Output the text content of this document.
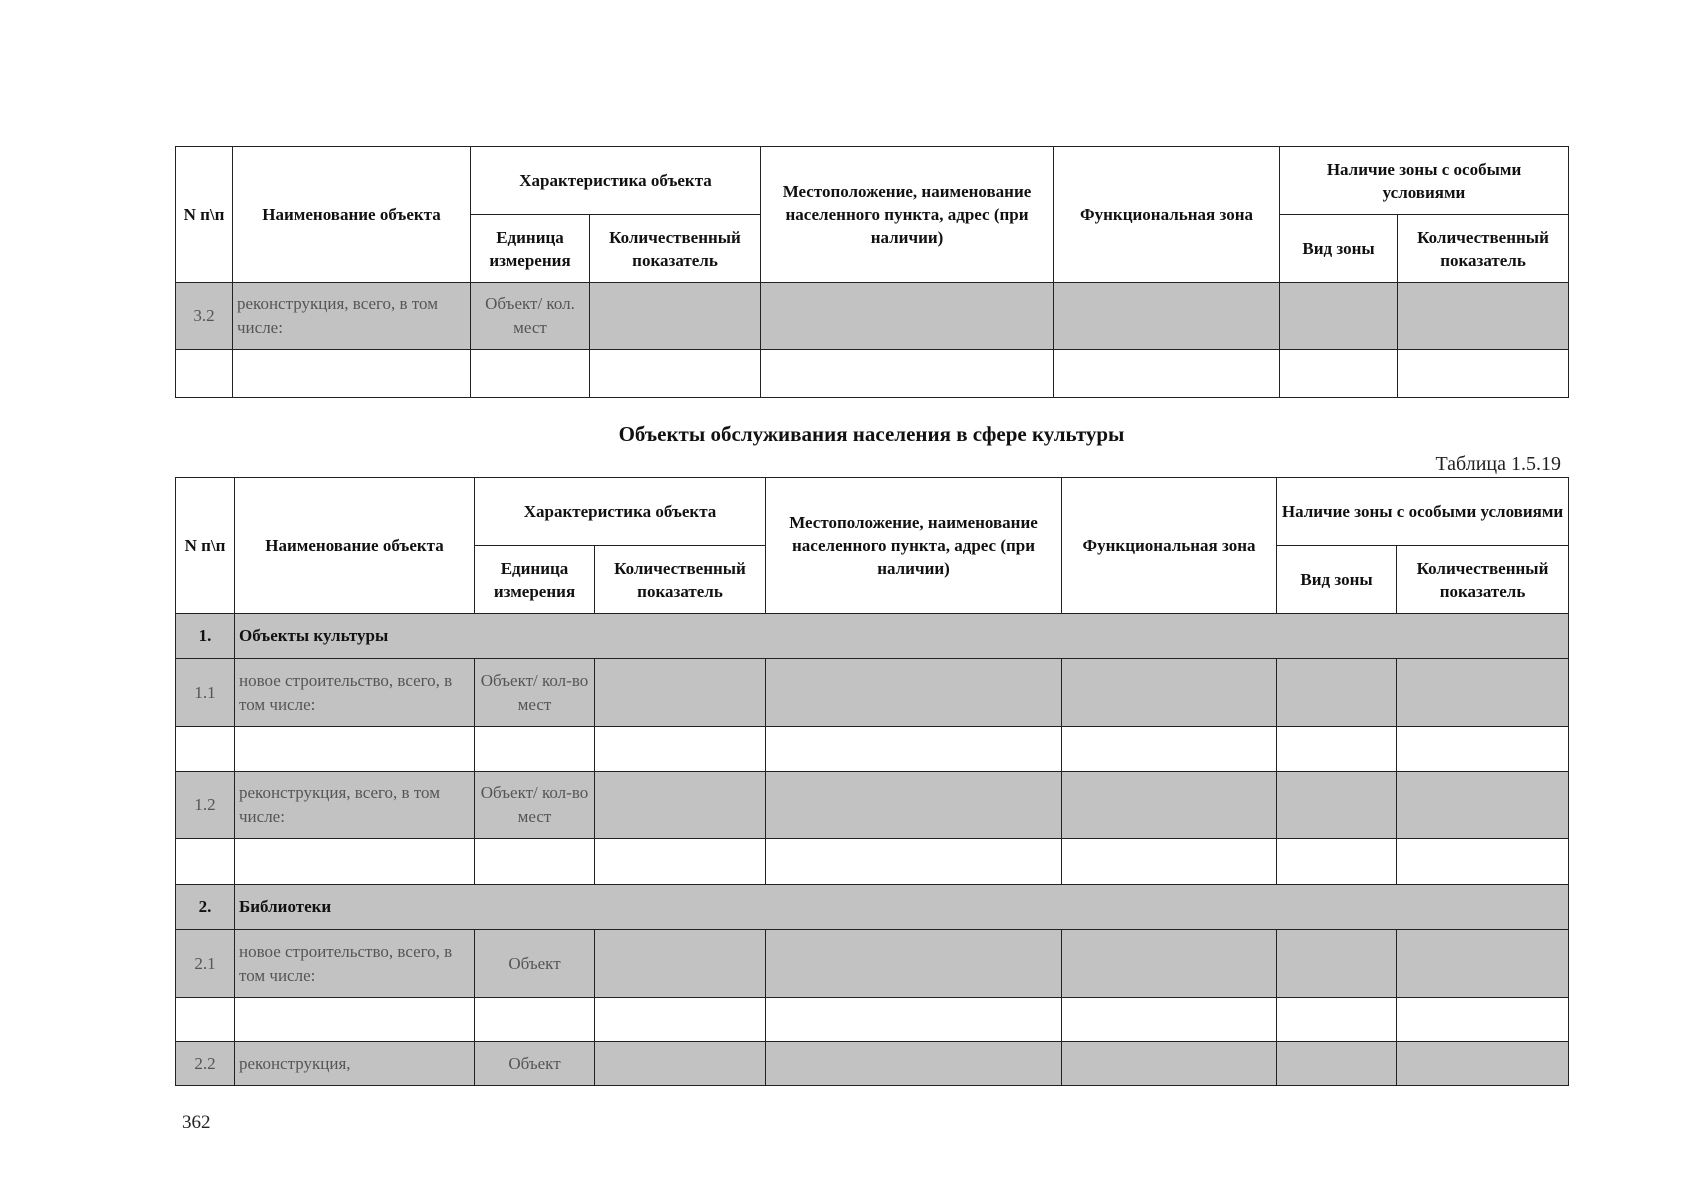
N п\п	Наименование объекта	Характеристика объекта		Местоположение, наименование населенного пункта, адрес (при наличии)	Функциональная зона	Наличие зоны с особыми условиями	
		Единица измерения	Количественный показатель			Вид зоны	Количественный показатель
3.2	реконструкция, всего, в том числе:	Объект/ кол. мест					

Объекты обслуживания населения в сфере культуры
Таблица 1.5.19
N п\п	Наименование объекта	Характеристика объекта		Местоположение, наименование населенного пункта, адрес (при наличии)	Функциональная зона	Наличие зоны с особыми условиями	
		Единица измерения	Количественный показатель			Вид зоны	Количественный показатель
1.	Объекты культуры						
1.1	новое строительство, всего, в том числе:	Объект/ кол-во мест					

1.2	реконструкция, всего, в том числе:	Объект/ кол-во мест					

2.	Библиотеки						
2.1	новое строительство, всего, в том числе:	Объект					

2.2	реконструкция,	Объект					
362
